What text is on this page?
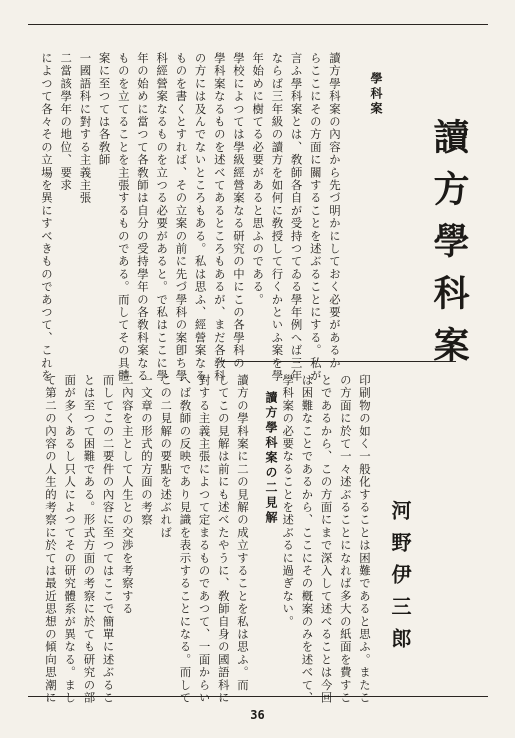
讀方學科案
河野伊三郎
學科案
讀方學科案の內容から先づ明かにしておく必要があるか
らここにその方面に關することを述ぶることにする。私が
言ふ學科案とは、敎師各自が受持つてゐる學年例へば三年
ならば三年級の讀方を如何に敎授して行くかといふ案を學
年始めに樹てる必要があると思ふのである。
學校によつては學級經營案なる研究の中にこの各學科の
學科案なるものを述べてあるところもあるが、まだ各敎科
の方には及んでないところもある。私は思ふ、經營案なる
ものを書くとすれば、その立案の前に先づ學科の案卽ち學
科經營案なるものを立つる必要があると。で私はここに學
年の始めに當つて各敎師は自分の受持學年の各敎科案なる
ものを立てることを主張するものである。而してその具體
案に至つては各敎師
一國語科に對する主義主張
二當該學年の地位、要求
によつて各々その立場を異にすべきものであつて、これを
讀方學科案の二見解	印刷物の如く一般化することは困難であると思ふ。またこ
の方面に於て一々述ぶることになれば多大の紙面を費すこ
とであるから、この方面にまで深入して述べることは今回
は困難なことであるから、ここにその槪案のみを述べて、
學科案の必要なることを述ぶるに過ぎない。
讀方の學科案に二の見解の成立することを私は思ふ。而
してこの見解は前にも述べたやうに、敎師自身の國語科に
對する主義主張によつて定まるものであつて、一面からい
へば敎師の反映であり見識を表示することになる。而して
この二見解の要點を述ぶれば
一文章の形式的方面の考察
二內容を主として人生との交渉を考察する
而してこの二要件の內容に至つてはここで簡單に述ぶるこ
とは至つて困難である。形式方面の考察に於ても研究の部
面が多くあるし只人によつてその研究體系が異なる。まし
て第二の內容の人生的考察に於ては最近思想の傾向思潮に
36
